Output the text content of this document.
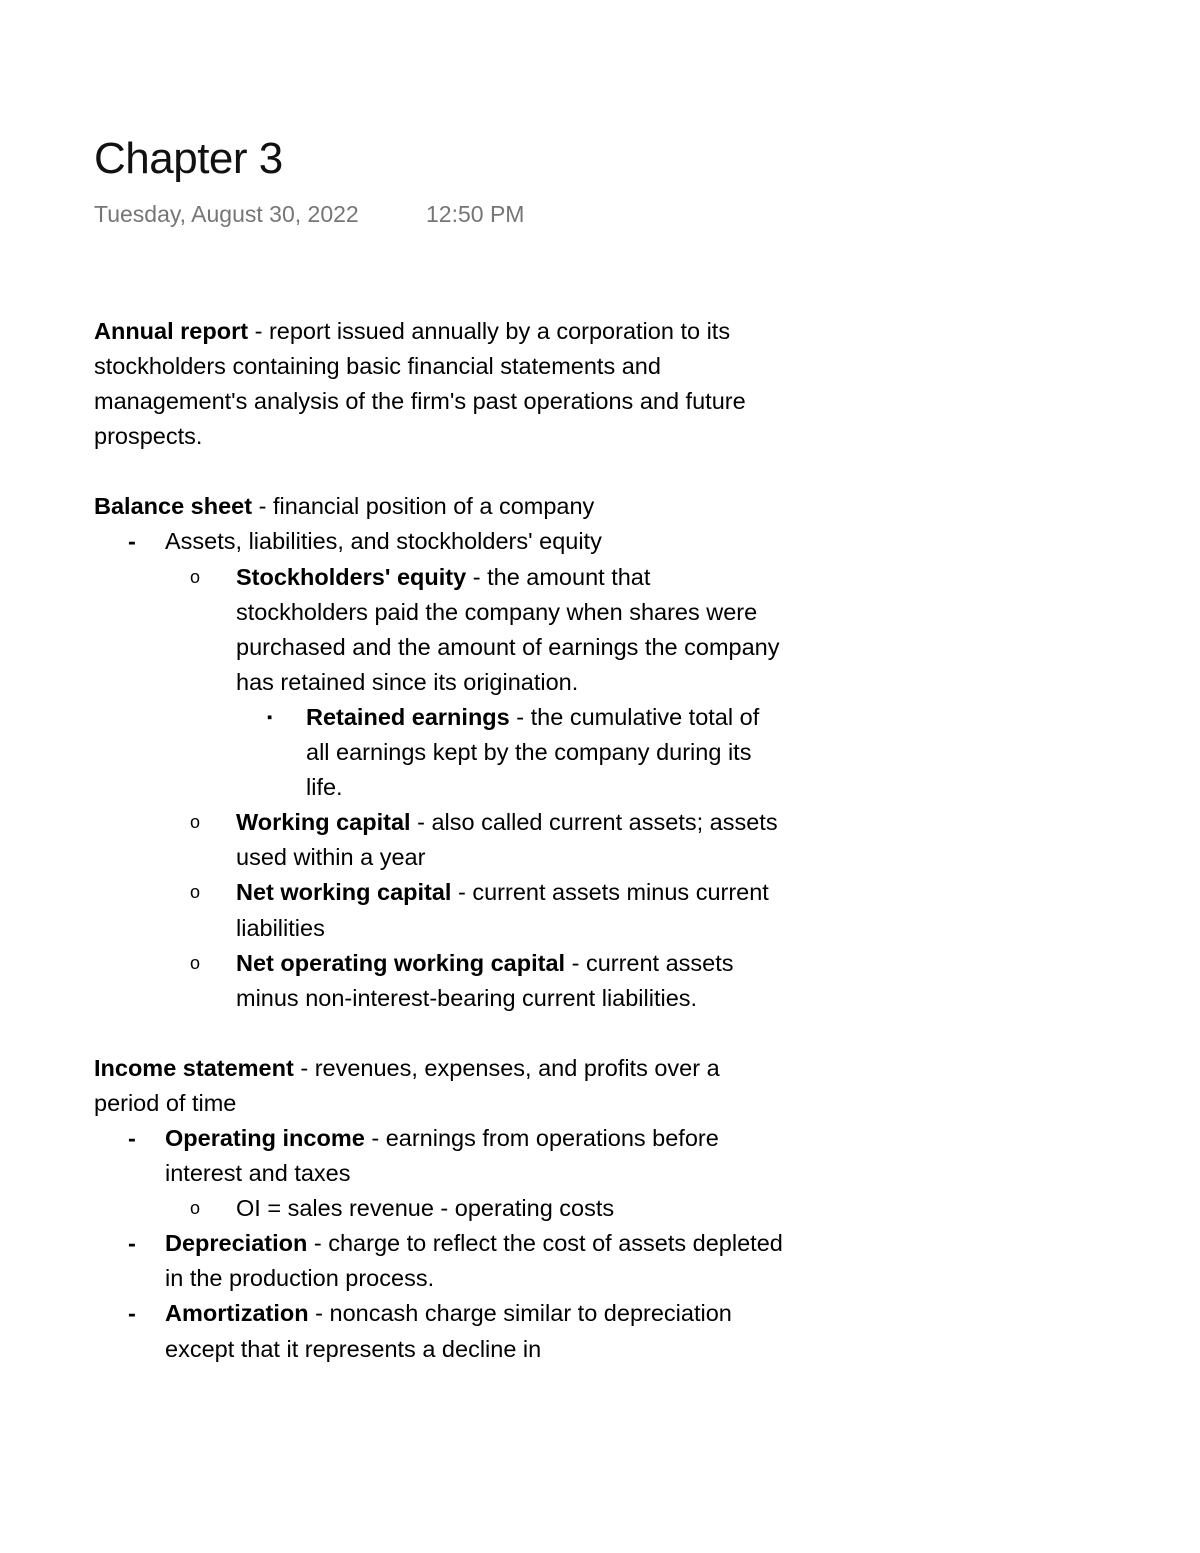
Chapter 3
Tuesday, August 30, 2022	12:50 PM

Annual report - report issued annually by a corporation to its stockholders containing basic financial statements and management's analysis of the firm's past operations and future prospects.

Balance sheet - financial position of a company

- Assets, liabilities, and stockholders' equity
o Stockholders' equity - the amount that stockholders paid the company when shares were purchased and the amount of earnings the company has retained since its origination.
▪ Retained earnings - the cumulative total of all earnings kept by the company during its life.
o Working capital - also called current assets; assets used within a year
o Net working capital - current assets minus current liabilities
o Net operating working capital - current assets minus non-interest-bearing current liabilities.

Income statement - revenues, expenses, and profits over a period of time

- Operating income - earnings from operations before interest and taxes
o OI = sales revenue - operating costs
- Depreciation - charge to reflect the cost of assets depleted in the production process.
- Amortization - noncash charge similar to depreciation except that it represents a decline in
